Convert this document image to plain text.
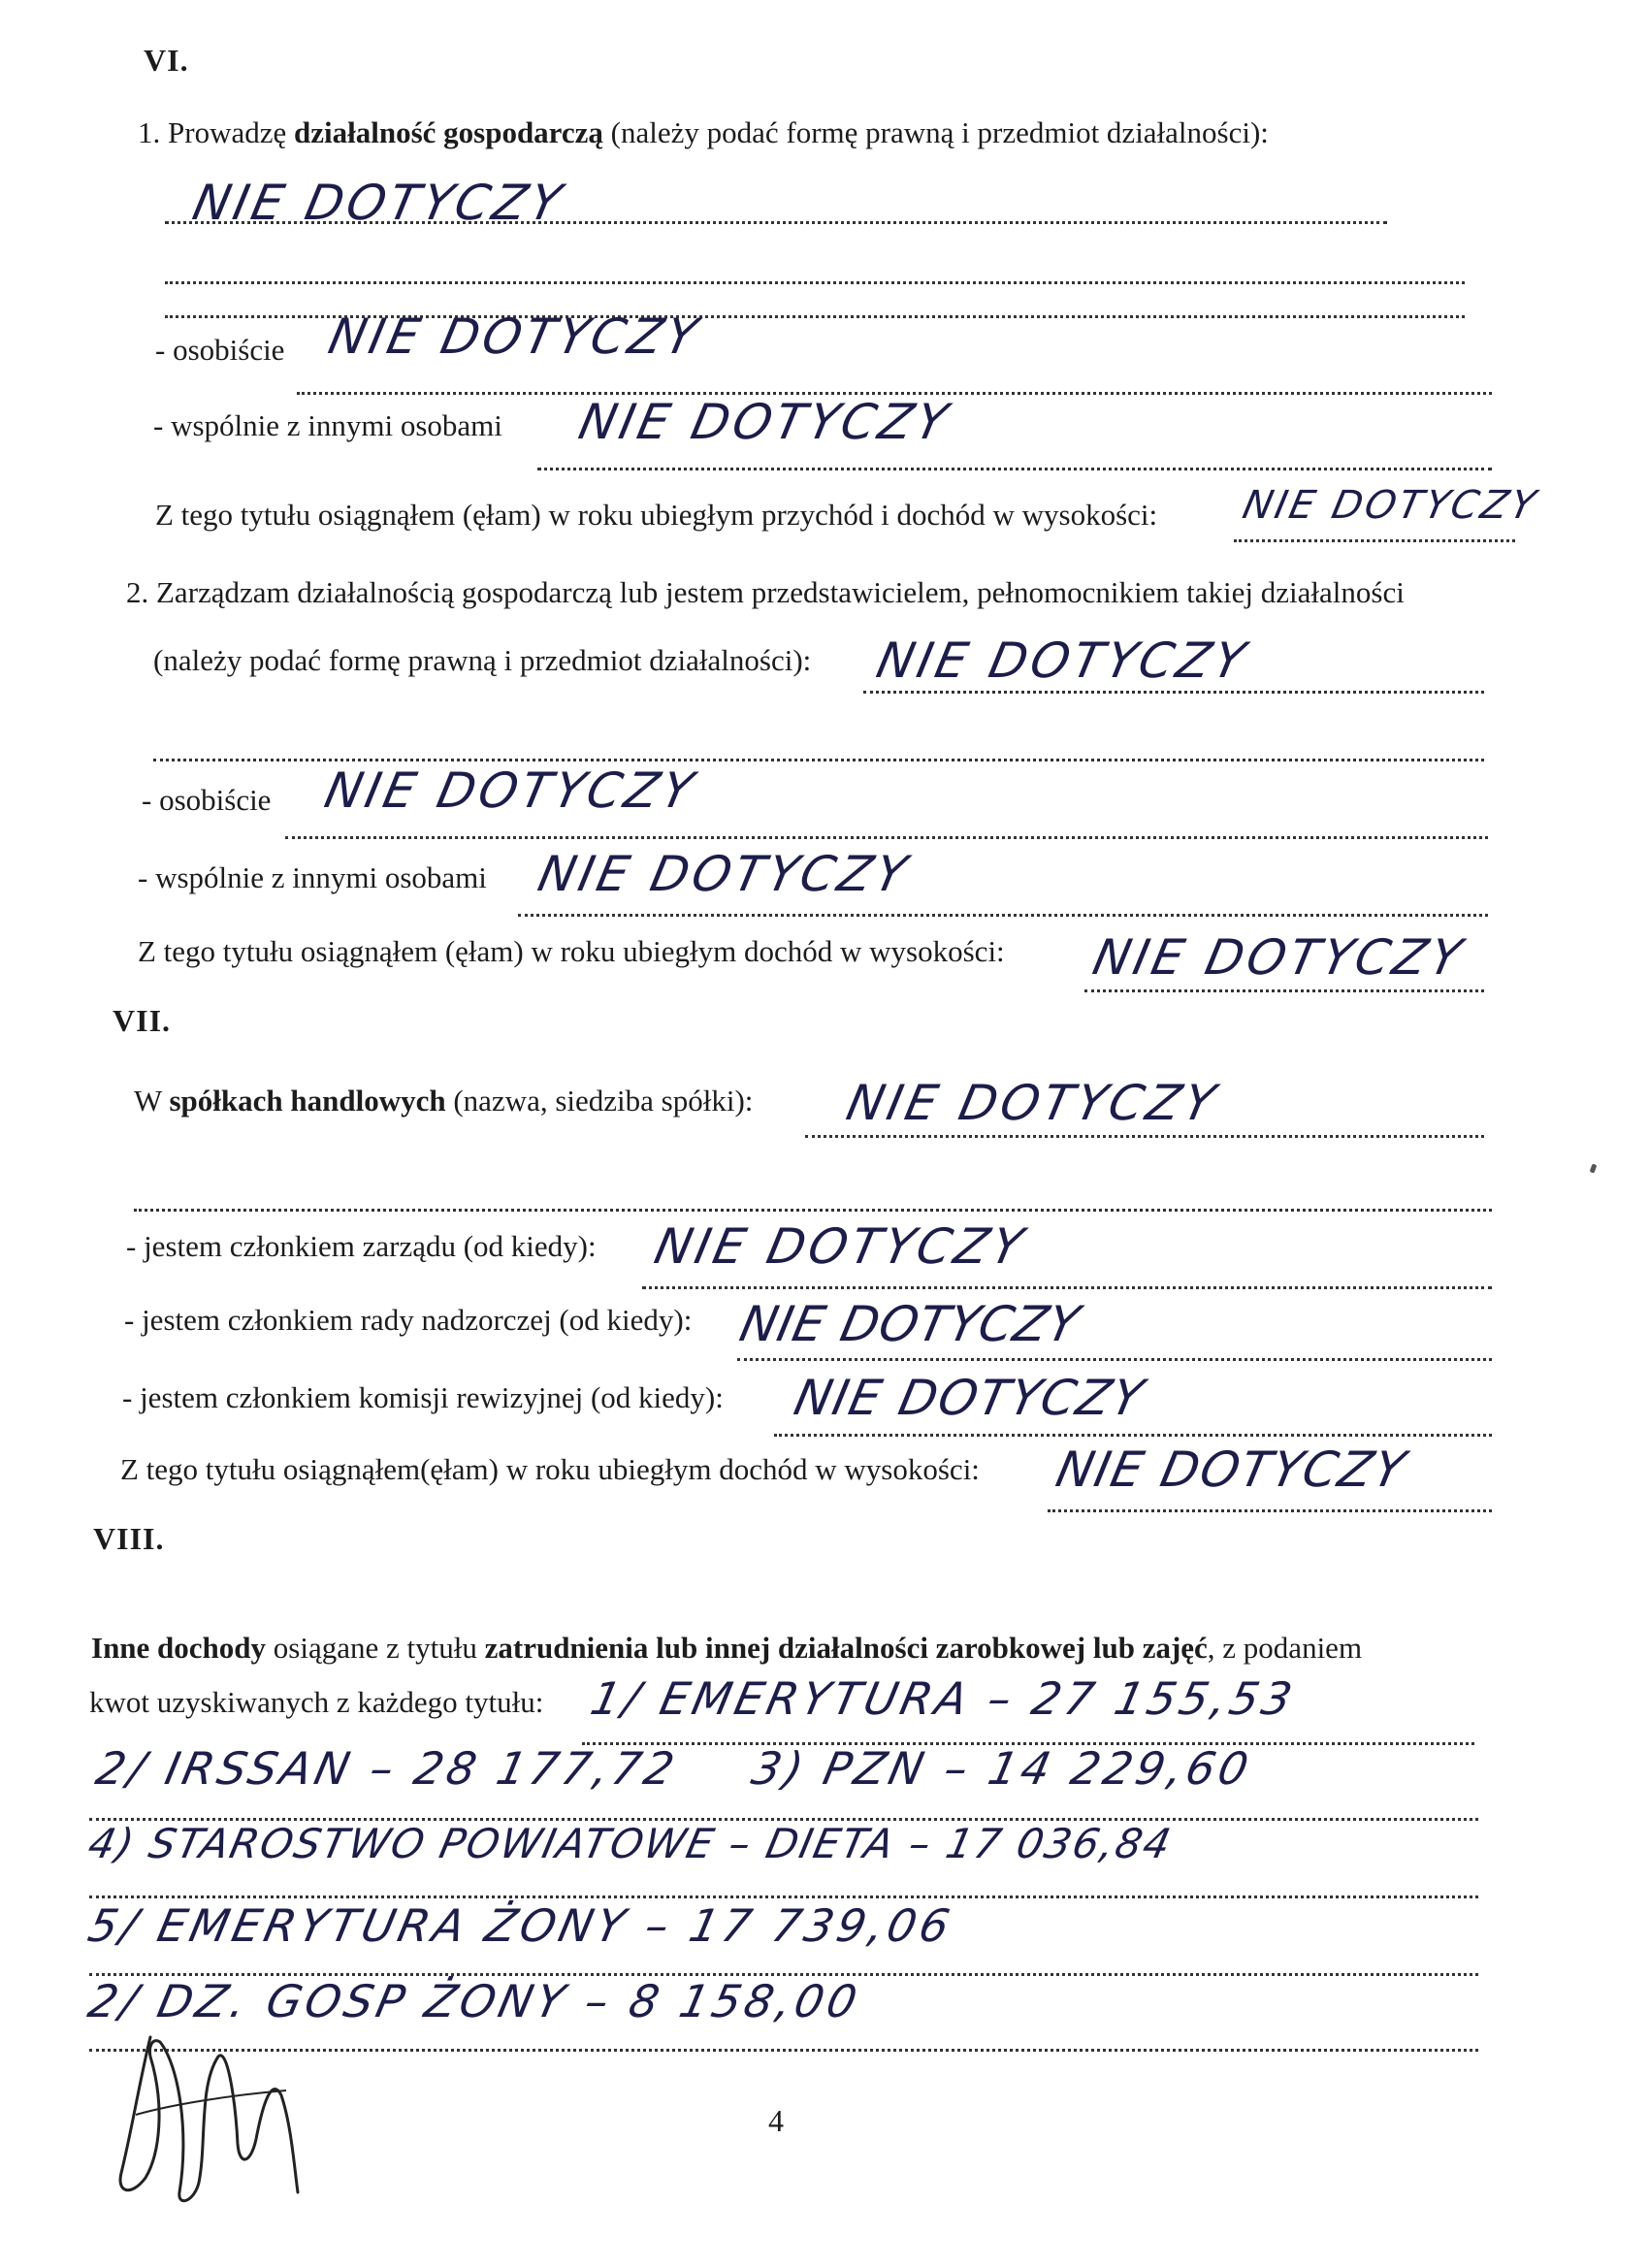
VI.
1. Prowadzę działalność gospodarczą (należy podać formę prawną i przedmiot działalności):
NIE DOTYCZY
- osobiście NIE DOTYCZY
- wspólnie z innymi osobami NIE DOTYCZY
Z tego tytułu osiągnąłem (ęłam) w roku ubiegłym przychód i dochód w wysokości: NIE DOTYCZY
2. Zarządzam działalnością gospodarczą lub jestem przedstawicielem, pełnomocnikiem takiej działalności
(należy podać formę prawną i przedmiot działalności): NIE DOTYCZY
- osobiście NIE DOTYCZY
- wspólnie z innymi osobami NIE DOTYCZY
Z tego tytułu osiągnąłem (ęłam) w roku ubiegłym dochód w wysokości: NIE DOTYCZY
VII.
W spółkach handlowych (nazwa, siedziba spółki): NIE DOTYCZY
- jestem członkiem zarządu (od kiedy): NIE DOTYCZY
- jestem członkiem rady nadzorczej (od kiedy): NIE DOTYCZY
- jestem członkiem komisji rewizyjnej (od kiedy): NIE DOTYCZY
Z tego tytułu osiągnąłem(ęłam) w roku ubiegłym dochód w wysokości: NIE DOTYCZY
VIII.
Inne dochody osiągane z tytułu zatrudnienia lub innej działalności zarobkowej lub zajęć, z podaniem
kwot uzyskiwanych z każdego tytułu: 1/ EMERYTURA – 27 155,53
2/ IRSSAN – 28 177,72 3) PZN – 14 229,60
4) STAROSTWO POWIATOWE – DIETA – 17 036,84
5/ EMERYTURA ŻONY – 17 739,06
2/ DZ. GOSP ŻONY – 8 158,00
4
